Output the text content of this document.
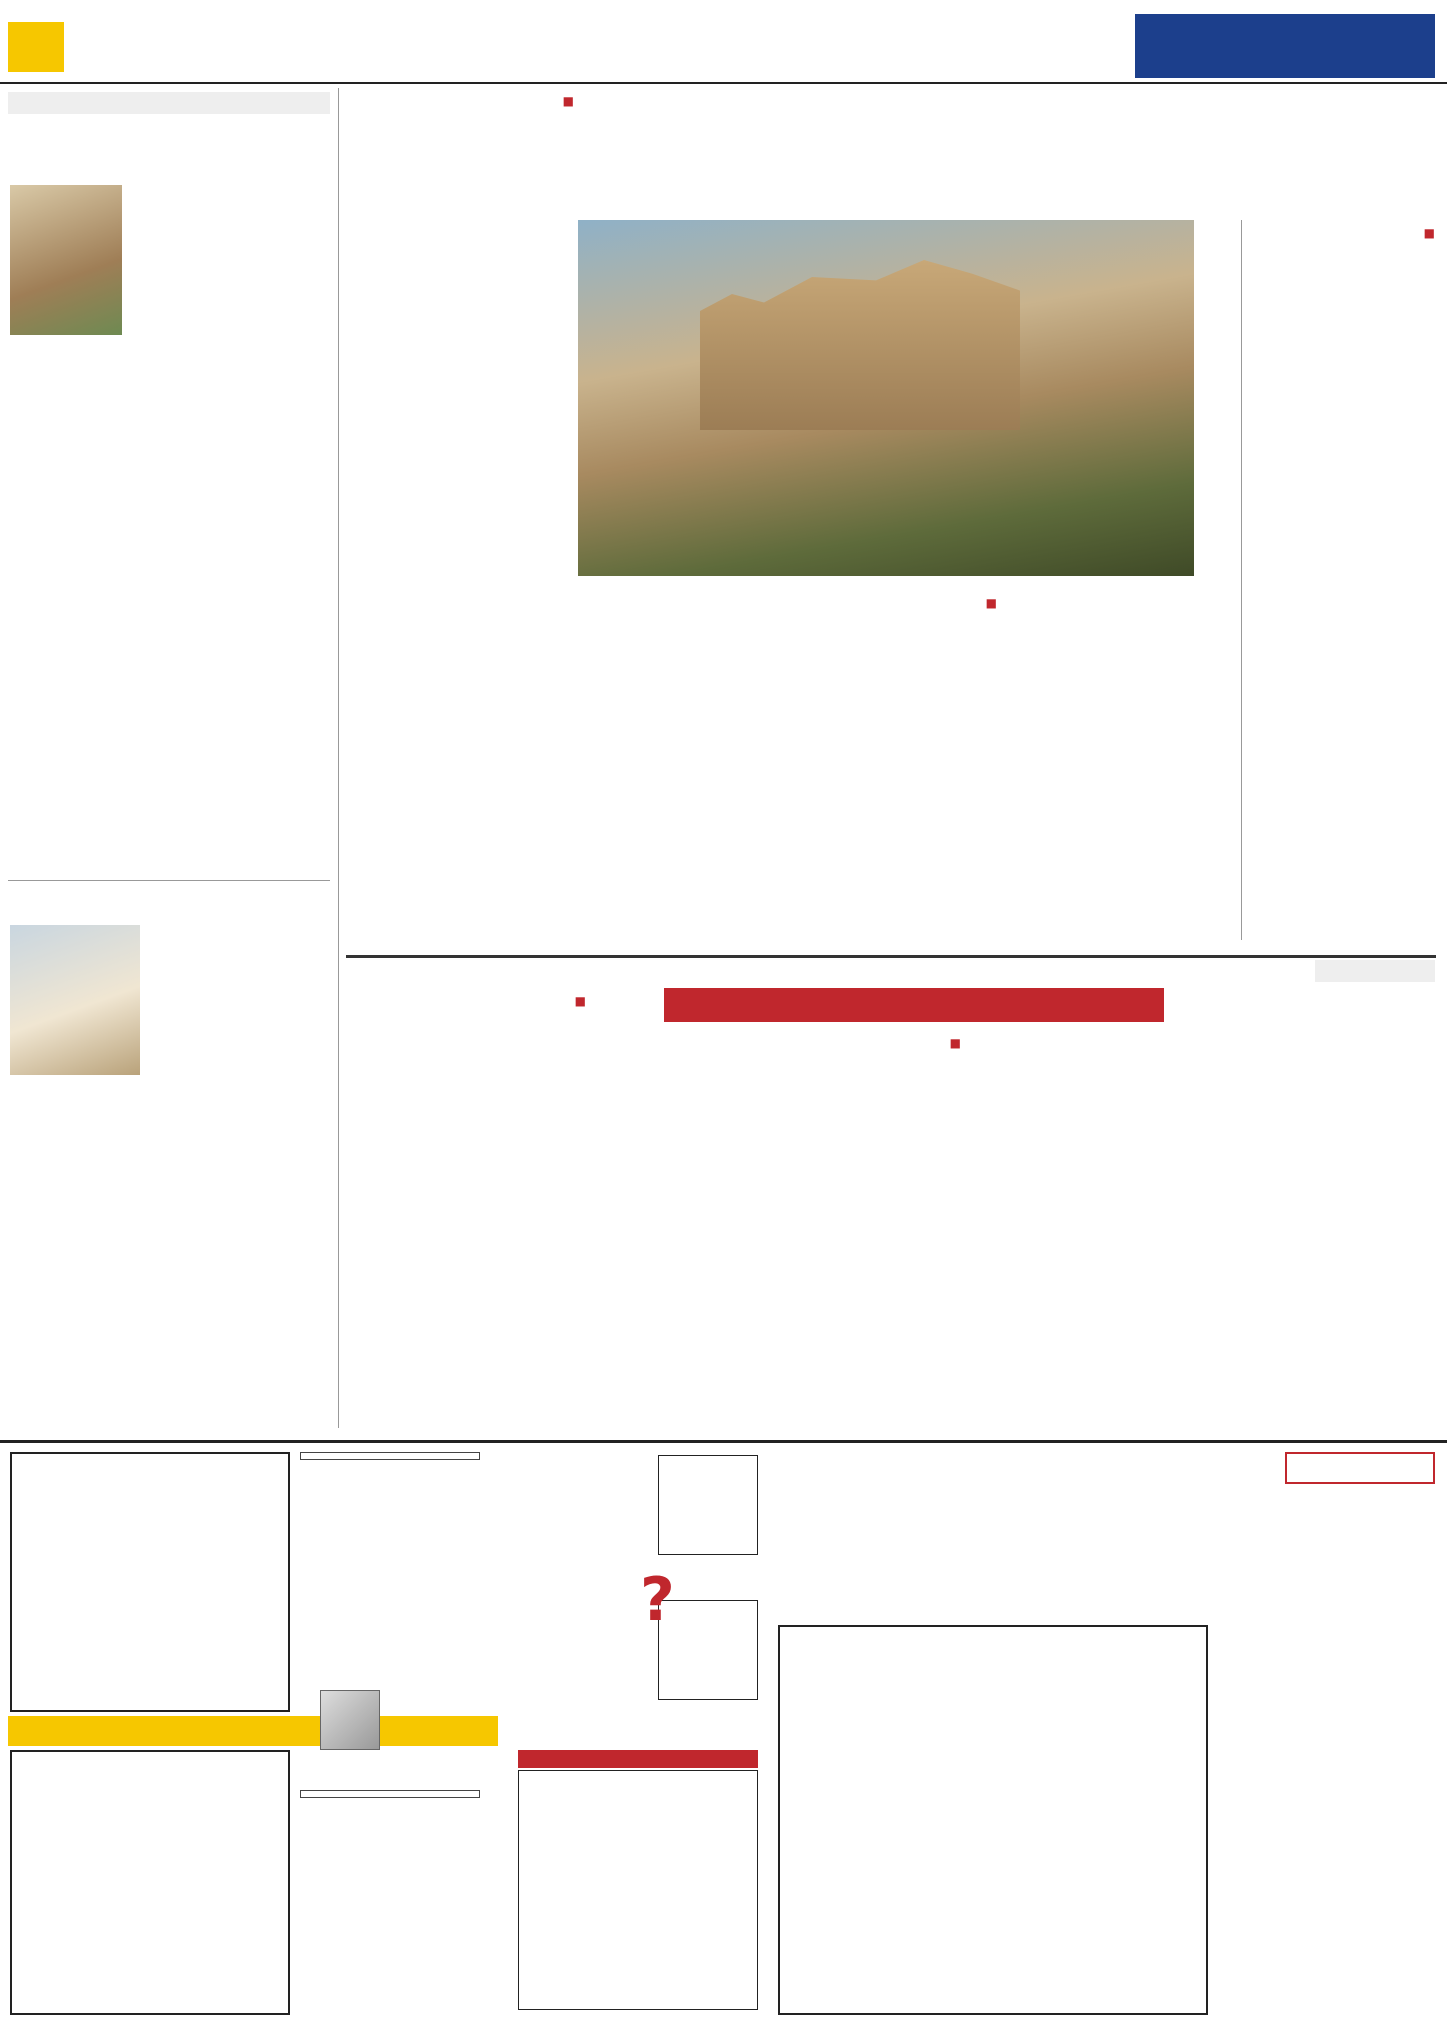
■

■

■

■

■

?
